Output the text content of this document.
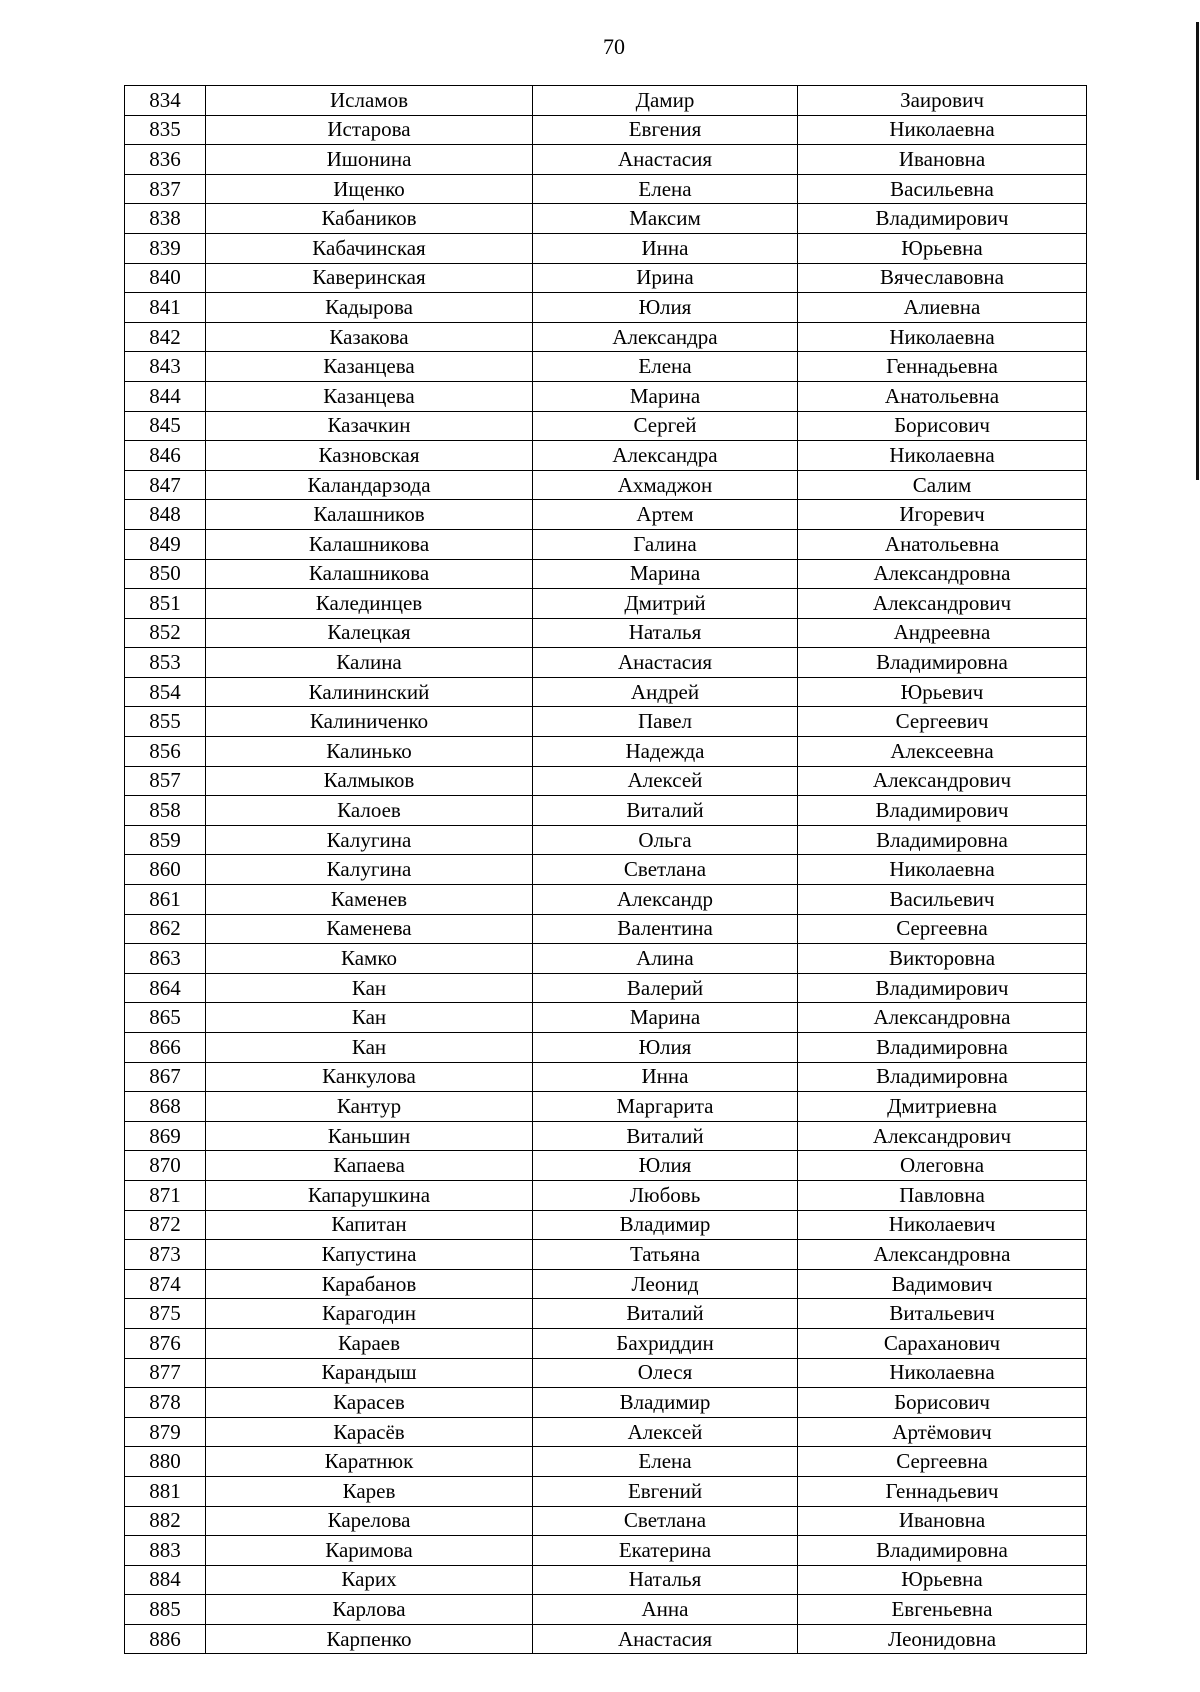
70
834	Исламов	Дамир	Заирович
835	Истарова	Евгения	Николаевна
836	Ишонина	Анастасия	Ивановна
837	Ищенко	Елена	Васильевна
838	Кабаников	Максим	Владимирович
839	Кабачинская	Инна	Юрьевна
840	Каверинская	Ирина	Вячеславовна
841	Кадырова	Юлия	Алиевна
842	Казакова	Александра	Николаевна
843	Казанцева	Елена	Геннадьевна
844	Казанцева	Марина	Анатольевна
845	Казачкин	Сергей	Борисович
846	Казновская	Александра	Николаевна
847	Каландарзода	Ахмаджон	Салим
848	Калашников	Артем	Игоревич
849	Калашникова	Галина	Анатольевна
850	Калашникова	Марина	Александровна
851	Калединцев	Дмитрий	Александрович
852	Калецкая	Наталья	Андреевна
853	Калина	Анастасия	Владимировна
854	Калининский	Андрей	Юрьевич
855	Калиниченко	Павел	Сергеевич
856	Калинько	Надежда	Алексеевна
857	Калмыков	Алексей	Александрович
858	Калоев	Виталий	Владимирович
859	Калугина	Ольга	Владимировна
860	Калугина	Светлана	Николаевна
861	Каменев	Александр	Васильевич
862	Каменева	Валентина	Сергеевна
863	Камко	Алина	Викторовна
864	Кан	Валерий	Владимирович
865	Кан	Марина	Александровна
866	Кан	Юлия	Владимировна
867	Канкулова	Инна	Владимировна
868	Кантур	Маргарита	Дмитриевна
869	Каньшин	Виталий	Александрович
870	Капаева	Юлия	Олеговна
871	Капарушкина	Любовь	Павловна
872	Капитан	Владимир	Николаевич
873	Капустина	Татьяна	Александровна
874	Карабанов	Леонид	Вадимович
875	Карагодин	Виталий	Витальевич
876	Караев	Бахриддин	Сараханович
877	Карандыш	Олеся	Николаевна
878	Карасев	Владимир	Борисович
879	Карасёв	Алексей	Артёмович
880	Каратнюк	Елена	Сергеевна
881	Карев	Евгений	Геннадьевич
882	Карелова	Светлана	Ивановна
883	Каримова	Екатерина	Владимировна
884	Карих	Наталья	Юрьевна
885	Карлова	Анна	Евгеньевна
886	Карпенко	Анастасия	Леонидовна
